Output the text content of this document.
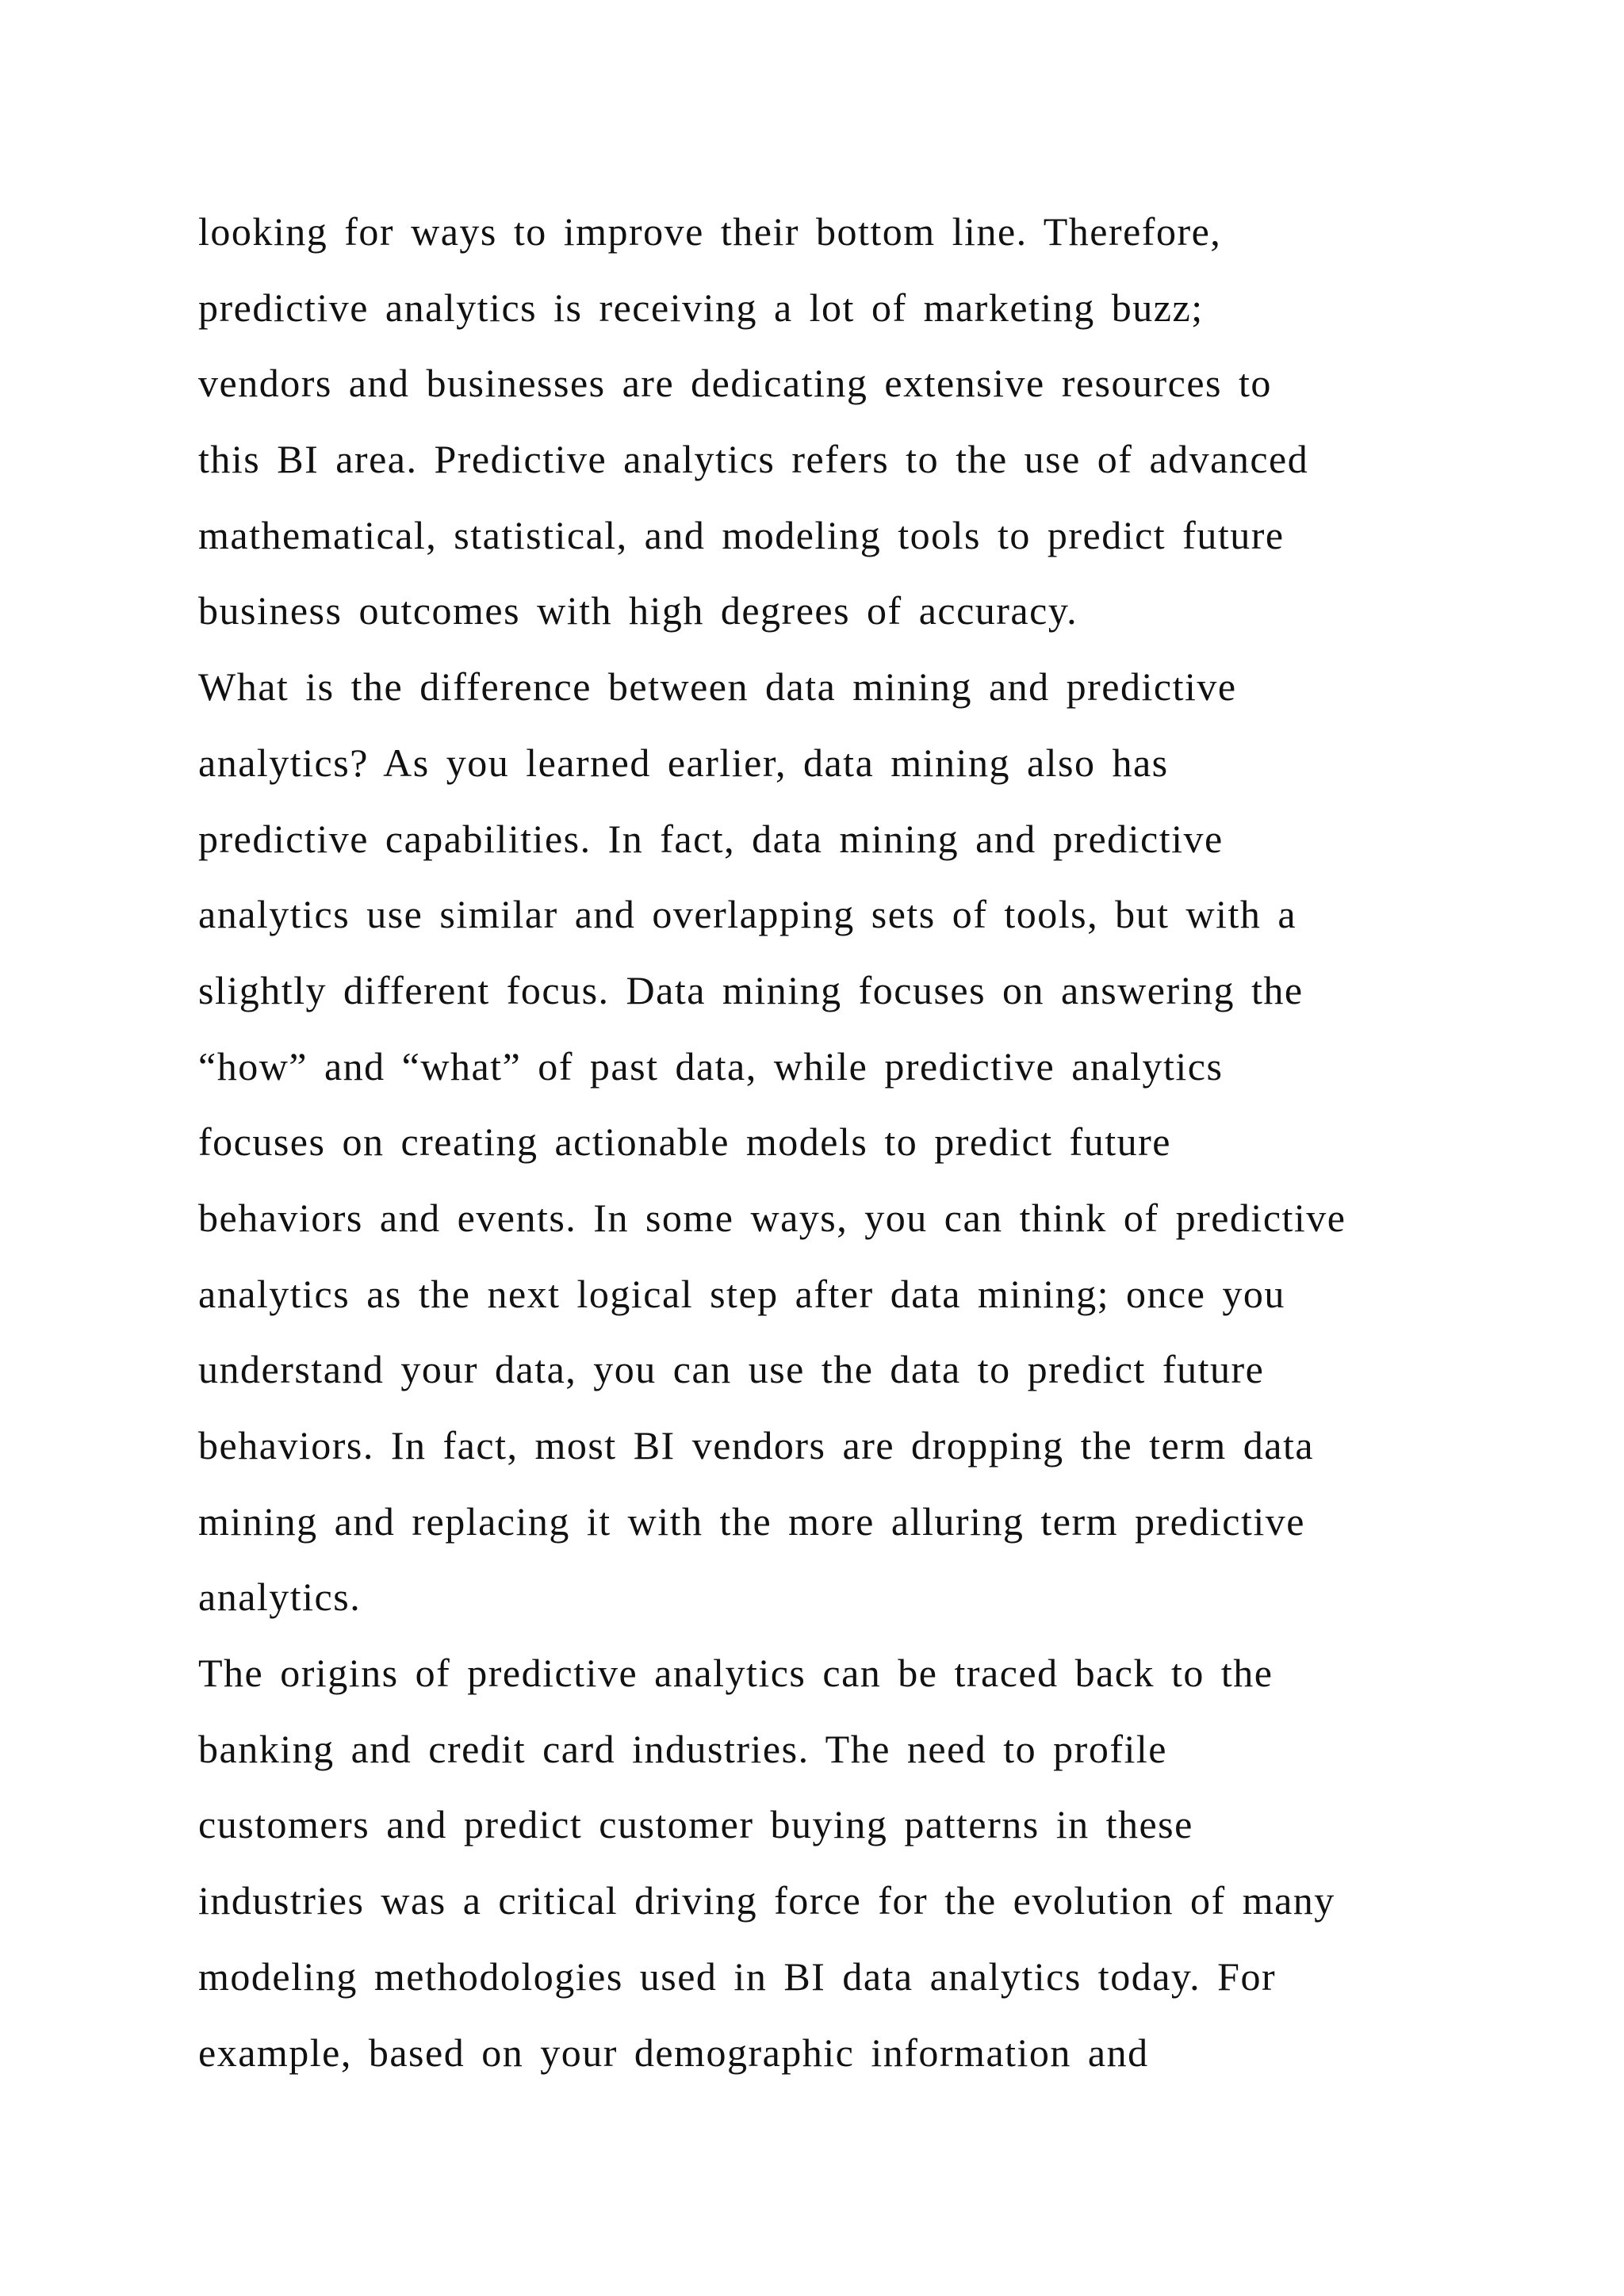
looking for ways to improve their bottom line. Therefore,
predictive analytics is receiving a lot of marketing buzz;
vendors and businesses are dedicating extensive resources to
this BI area. Predictive analytics refers to the use of advanced
mathematical, statistical, and modeling tools to predict future
business outcomes with high degrees of accuracy.
What is the difference between data mining and predictive
analytics? As you learned earlier, data mining also has
predictive capabilities. In fact, data mining and predictive
analytics use similar and overlapping sets of tools, but with a
slightly different focus. Data mining focuses on answering the
“how” and “what” of past data, while predictive analytics
focuses on creating actionable models to predict future
behaviors and events. In some ways, you can think of predictive
analytics as the next logical step after data mining; once you
understand your data, you can use the data to predict future
behaviors. In fact, most BI vendors are dropping the term data
mining and replacing it with the more alluring term predictive
analytics.
The origins of predictive analytics can be traced back to the
banking and credit card industries. The need to profile
customers and predict customer buying patterns in these
industries was a critical driving force for the evolution of many
modeling methodologies used in BI data analytics today. For
example, based on your demographic information and
